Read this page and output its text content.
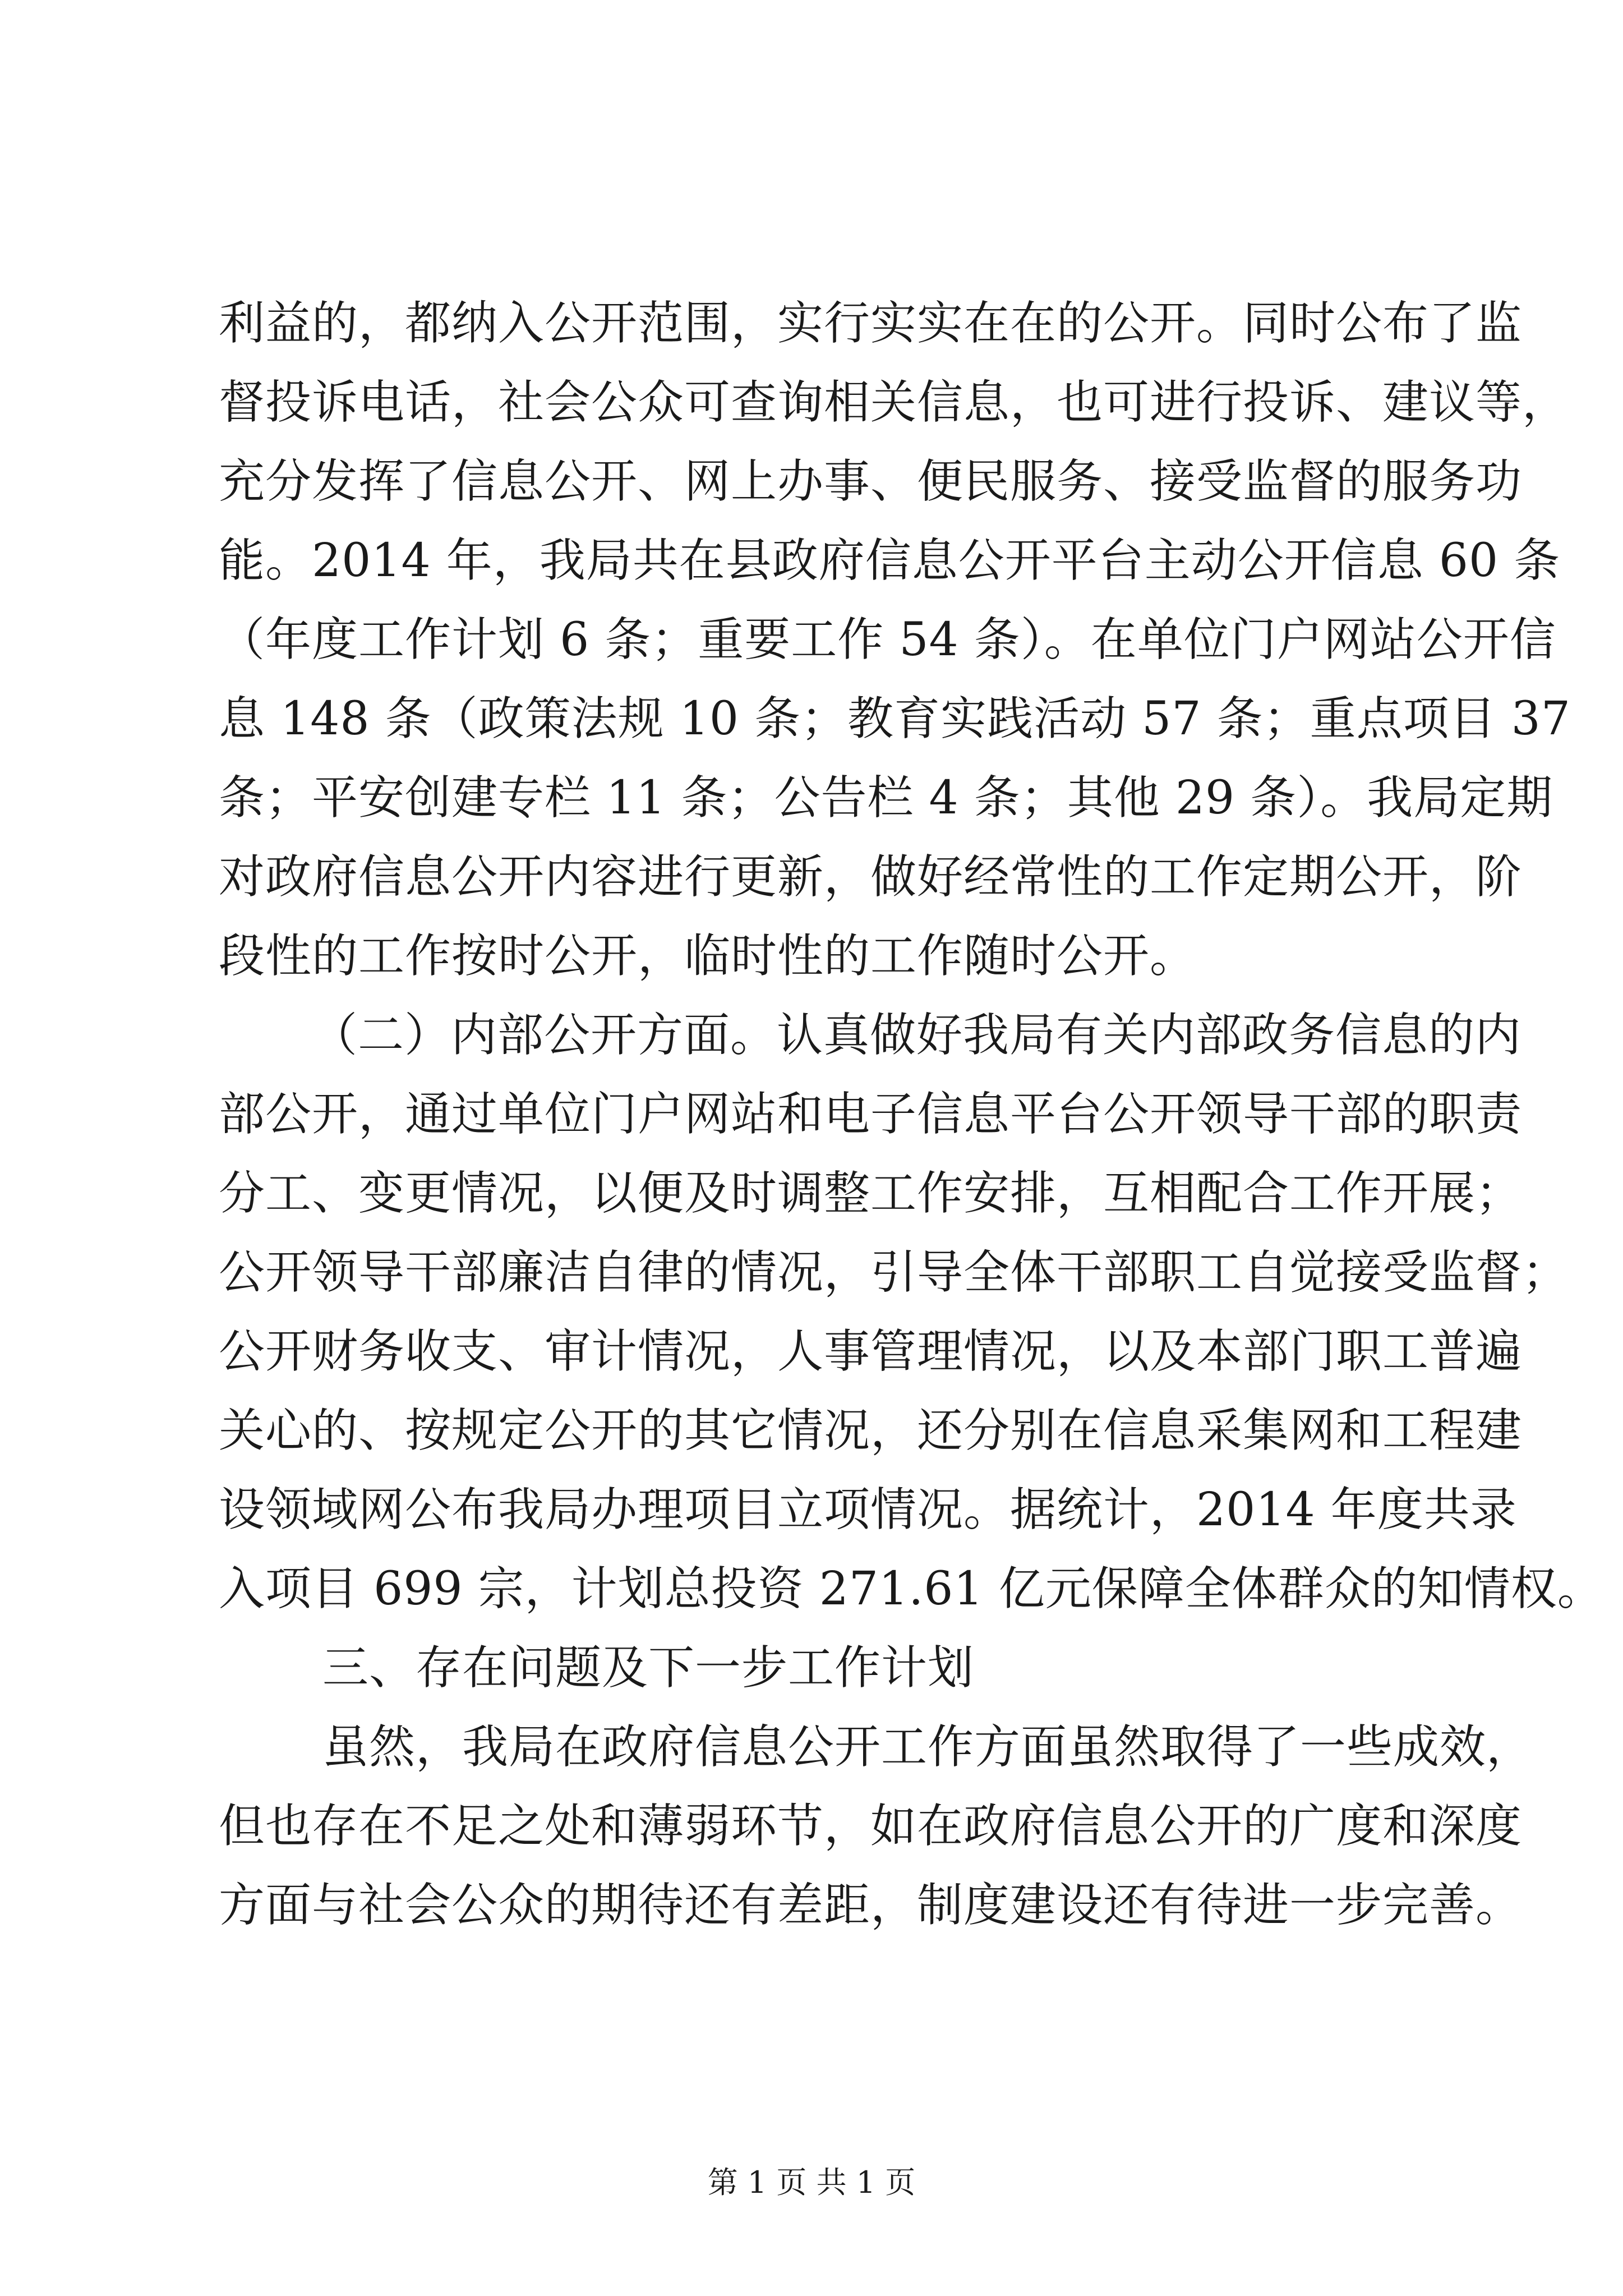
利益的，都纳入公开范围，实行实实在在的公开。同时公布了监
督投诉电话，社会公众可查询相关信息，也可进行投诉、建议等，
充分发挥了信息公开、网上办事、便民服务、接受监督的服务功
能。2014 年，我局共在县政府信息公开平台主动公开信息 60 条
（年度工作计划 6 条；重要工作 54 条）。在单位门户网站公开信
息 148 条（政策法规 10 条；教育实践活动 57 条；重点项目 37
条；平安创建专栏 11 条；公告栏 4 条；其他 29 条）。我局定期
对政府信息公开内容进行更新，做好经常性的工作定期公开，阶
段性的工作按时公开，临时性的工作随时公开。
（二）内部公开方面。认真做好我局有关内部政务信息的内
部公开，通过单位门户网站和电子信息平台公开领导干部的职责
分工、变更情况，以便及时调整工作安排，互相配合工作开展；
公开领导干部廉洁自律的情况，引导全体干部职工自觉接受监督；
公开财务收支、审计情况，人事管理情况，以及本部门职工普遍
关心的、按规定公开的其它情况，还分别在信息采集网和工程建
设领域网公布我局办理项目立项情况。据统计，2014 年度共录
入项目 699 宗，计划总投资 271.61 亿元保障全体群众的知情权。
三、存在问题及下一步工作计划
虽然，我局在政府信息公开工作方面虽然取得了一些成效，
但也存在不足之处和薄弱环节，如在政府信息公开的广度和深度
方面与社会公众的期待还有差距，制度建设还有待进一步完善。
第 1 页 共 1 页
